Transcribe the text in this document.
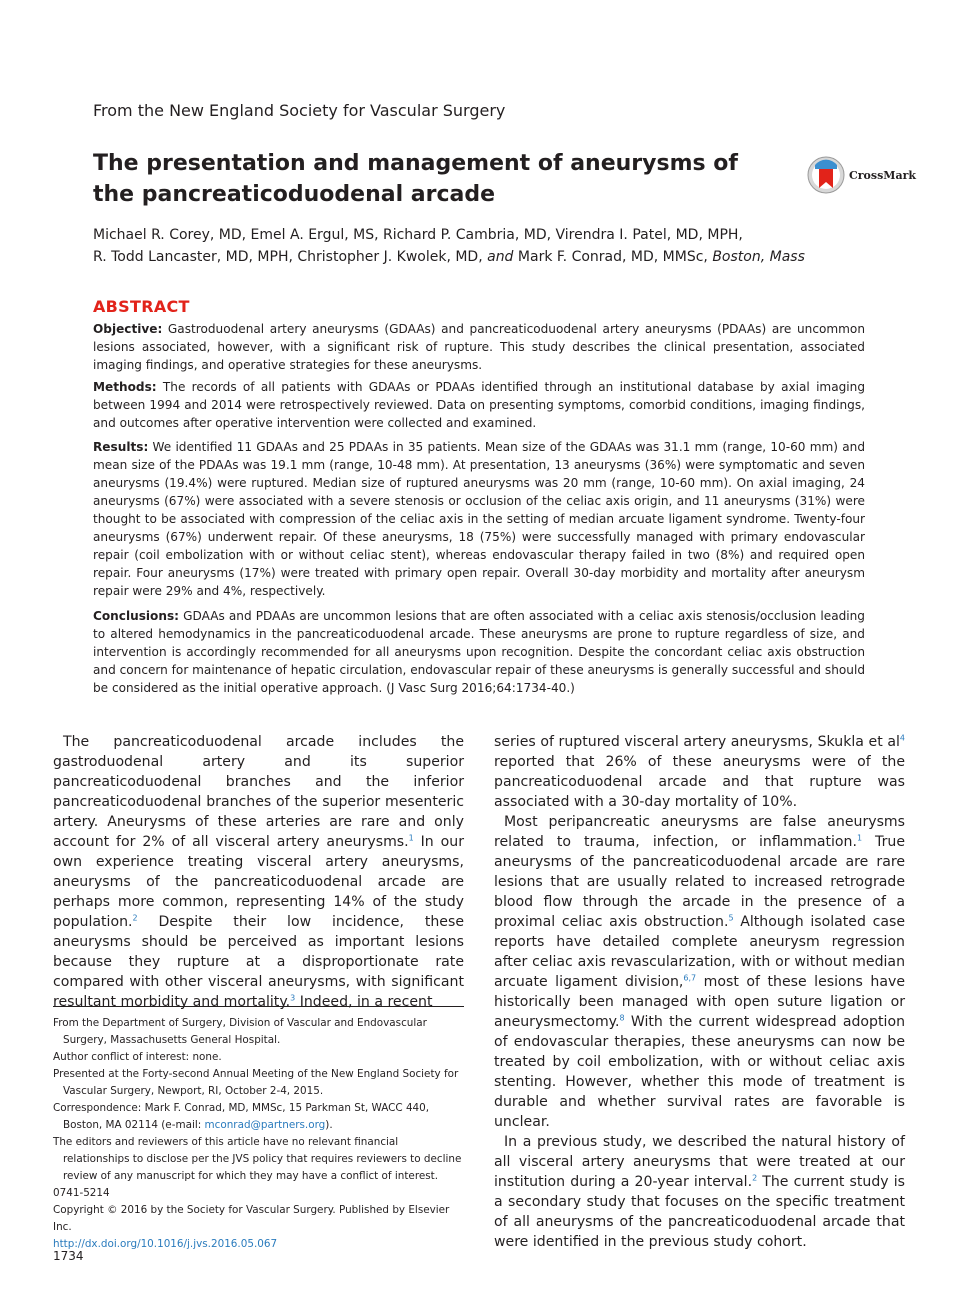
From the New England Society for Vascular Surgery
The presentation and management of aneurysms of the pancreaticoduodenal arcade
CrossMark
Michael R. Corey, MD, Emel A. Ergul, MS, Richard P. Cambria, MD, Virendra I. Patel, MD, MPH,
R. Todd Lancaster, MD, MPH, Christopher J. Kwolek, MD, and Mark F. Conrad, MD, MMSc, Boston, Mass
ABSTRACT

Objective: Gastroduodenal artery aneurysms (GDAAs) and pancreaticoduodenal artery aneurysms (PDAAs) are uncommon lesions associated, however, with a significant risk of rupture. This study describes the clinical presentation, associated imaging findings, and operative strategies for these aneurysms.

Methods: The records of all patients with GDAAs or PDAAs identified through an institutional database by axial imaging between 1994 and 2014 were retrospectively reviewed. Data on presenting symptoms, comorbid conditions, imaging findings, and outcomes after operative intervention were collected and examined.

Results: We identified 11 GDAAs and 25 PDAAs in 35 patients. Mean size of the GDAAs was 31.1 mm (range, 10-60 mm) and mean size of the PDAAs was 19.1 mm (range, 10-48 mm). At presentation, 13 aneurysms (36%) were symptomatic and seven aneurysms (19.4%) were ruptured. Median size of ruptured aneurysms was 20 mm (range, 10-60 mm). On axial imaging, 24 aneurysms (67%) were associated with a severe stenosis or occlusion of the celiac axis origin, and 11 aneurysms (31%) were thought to be associated with compression of the celiac axis in the setting of median arcuate ligament syndrome. Twenty-four aneurysms (67%) underwent repair. Of these aneurysms, 18 (75%) were successfully managed with primary endovascular repair (coil embolization with or without celiac stent), whereas endovascular therapy failed in two (8%) and required open repair. Four aneurysms (17%) were treated with primary open repair. Overall 30-day morbidity and mortality after aneurysm repair were 29% and 4%, respectively.

Conclusions: GDAAs and PDAAs are uncommon lesions that are often associated with a celiac axis stenosis/occlusion leading to altered hemodynamics in the pancreaticoduodenal arcade. These aneurysms are prone to rupture regardless of size, and intervention is accordingly recommended for all aneurysms upon recognition. Despite the concordant celiac axis obstruction and concern for maintenance of hepatic circulation, endovascular repair of these aneurysms is generally successful and should be considered as the initial operative approach. (J Vasc Surg 2016;64:1734-40.)

The pancreaticoduodenal arcade includes the gastroduodenal artery and its superior pancreaticoduodenal branches and the inferior pancreaticoduodenal branches of the superior mesenteric artery. Aneurysms of these arteries are rare and only account for 2% of all visceral artery aneurysms.$^1$ In our own experience treating visceral artery aneurysms, aneurysms of the pancreaticoduodenal arcade are perhaps more common, representing 14% of the study population.$^2$ Despite their low incidence, these aneurysms should be perceived as important lesions because they rupture at a disproportionate rate compared with other visceral aneurysms, with significant resultant morbidity and mortality.$^3$ Indeed, in a recent

series of ruptured visceral artery aneurysms, Skukla et $al^4$ reported that 26% of these aneurysms were of the pancreaticoduodenal arcade and that rupture was associated with a 30-day mortality of 10%.

Most peripancreatic aneurysms are false aneurysms related to trauma, infection, or inflammation.$^1$ True aneurysms of the pancreaticoduodenal arcade are rare lesions that are usually related to increased retrograde blood flow through the arcade in the presence of a proximal celiac axis obstruction.$^5$ Although isolated case reports have detailed complete aneurysm regression after celiac axis revascularization, with or without median arcuate ligament division,$^{6,7}$ most of these lesions have historically been managed with open suture ligation or aneurysmectomy.$^8$ With the current widespread adoption of endovascular therapies, these aneurysms can now be treated by coil embolization, with or without celiac axis stenting. However, whether this mode of treatment is durable and whether survival rates are favorable is unclear.

In a previous study, we described the natural history of all visceral artery aneurysms that were treated at our institution during a 20-year interval.$^2$ The current study is a secondary study that focuses on the specific treatment of all aneurysms of the pancreaticoduodenal arcade that were identified in the previous study cohort.

From the Department of Surgery, Division of Vascular and Endovascular Surgery, Massachusetts General Hospital.

Author conflict of interest: none.

Presented at the Forty-second Annual Meeting of the New England Society for Vascular Surgery, Newport, RI, October 2-4, 2015.

Correspondence: Mark F. Conrad, MD, MMSc, 15 Parkman St, WACC 440, Boston, MA 02114 (e-mail: mconrad@partners.org).

The editors and reviewers of this article have no relevant financial relationships to disclose per the JVS policy that requires reviewers to decline review of any manuscript for which they may have a conflict of interest.

0741-5214

Copyright © 2016 by the Society for Vascular Surgery. Published by Elsevier Inc.

http://dx.doi.org/10.1016/j.jvs.2016.05.067

1734
